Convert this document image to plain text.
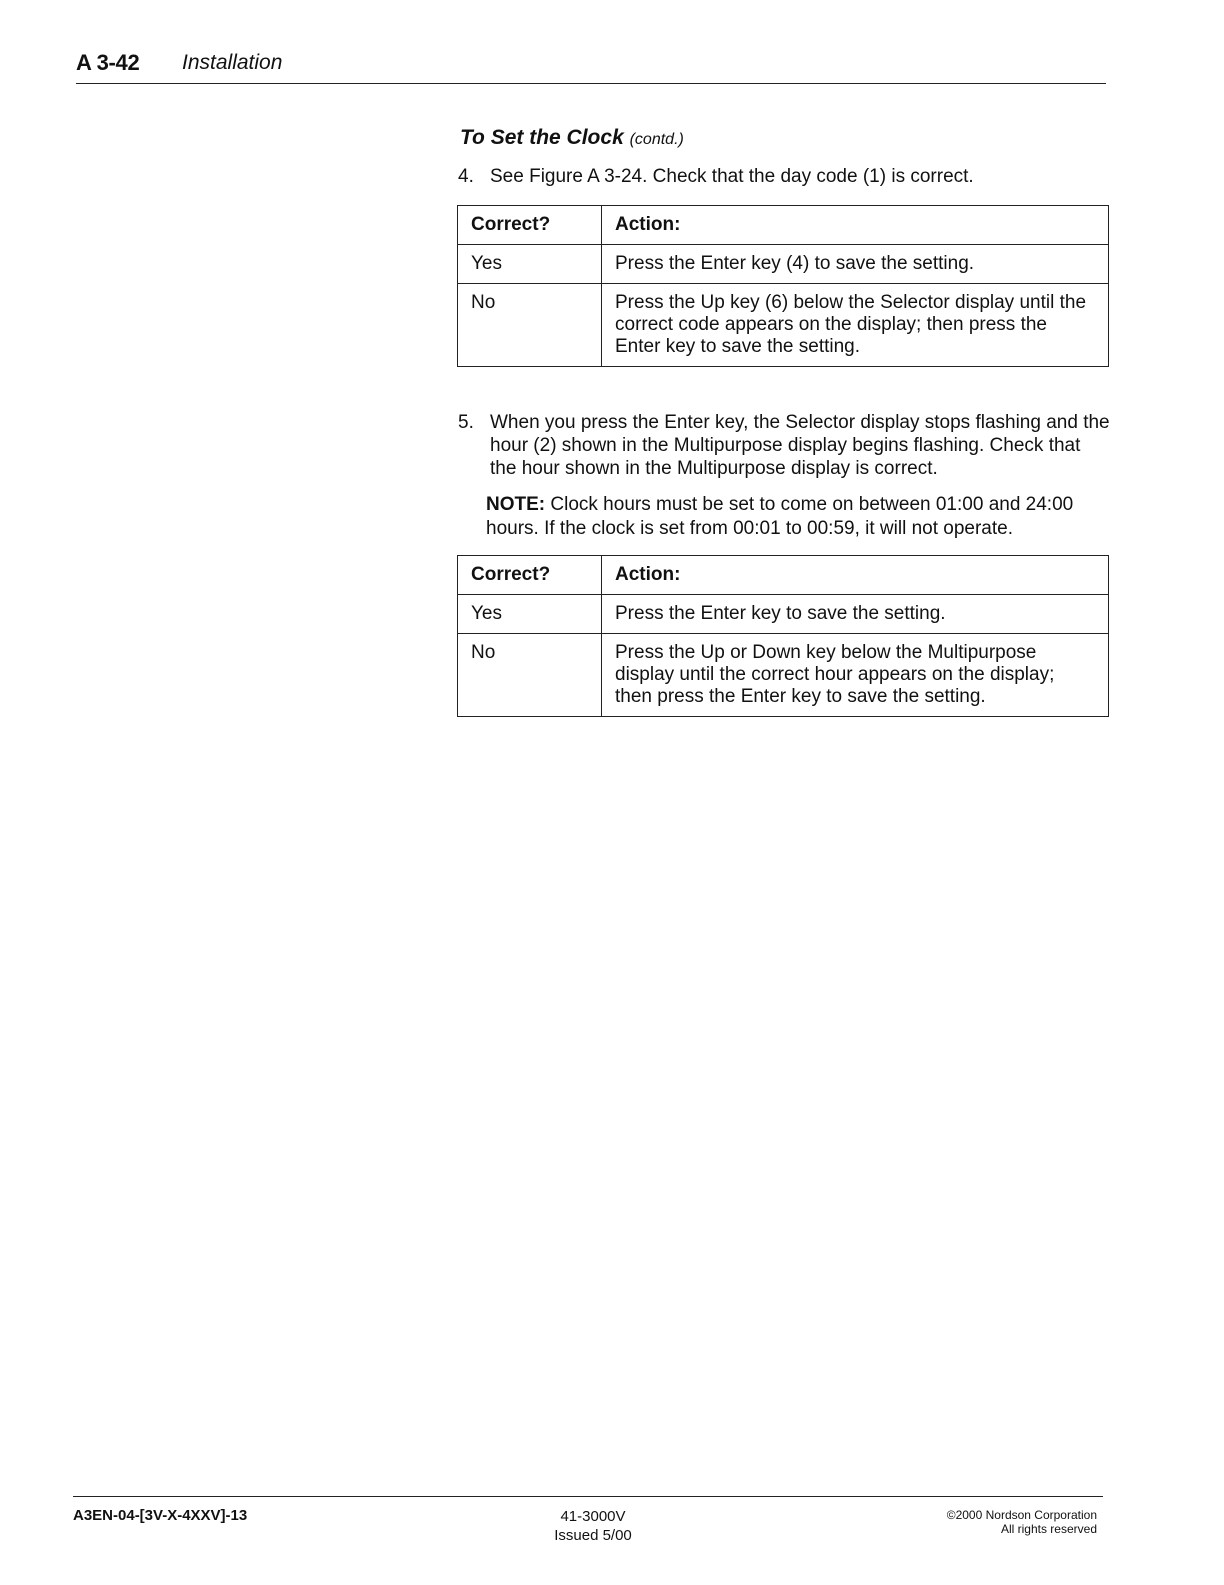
A 3-42 Installation
To Set the Clock (contd.)
4. See Figure A 3-24. Check that the day code (1) is correct.
Correct?	Action:
Yes	Press the Enter key (4) to save the setting.
No	Press the Up key (6) below the Selector display until the correct code appears on the display; then press the Enter key to save the setting.
5. When you press the Enter key, the Selector display stops flashing and the hour (2) shown in the Multipurpose display begins flashing. Check that the hour shown in the Multipurpose display is correct.
NOTE: Clock hours must be set to come on between 01:00 and 24:00 hours. If the clock is set from 00:01 to 00:59, it will not operate.
Correct?	Action:
Yes	Press the Enter key to save the setting.
No	Press the Up or Down key below the Multipurpose display until the correct hour appears on the display; then press the Enter key to save the setting.
A3EN-04-[3V-X-4XXV]-13	41-3000V
Issued 5/00
©2000 Nordson Corporation
All rights reserved
